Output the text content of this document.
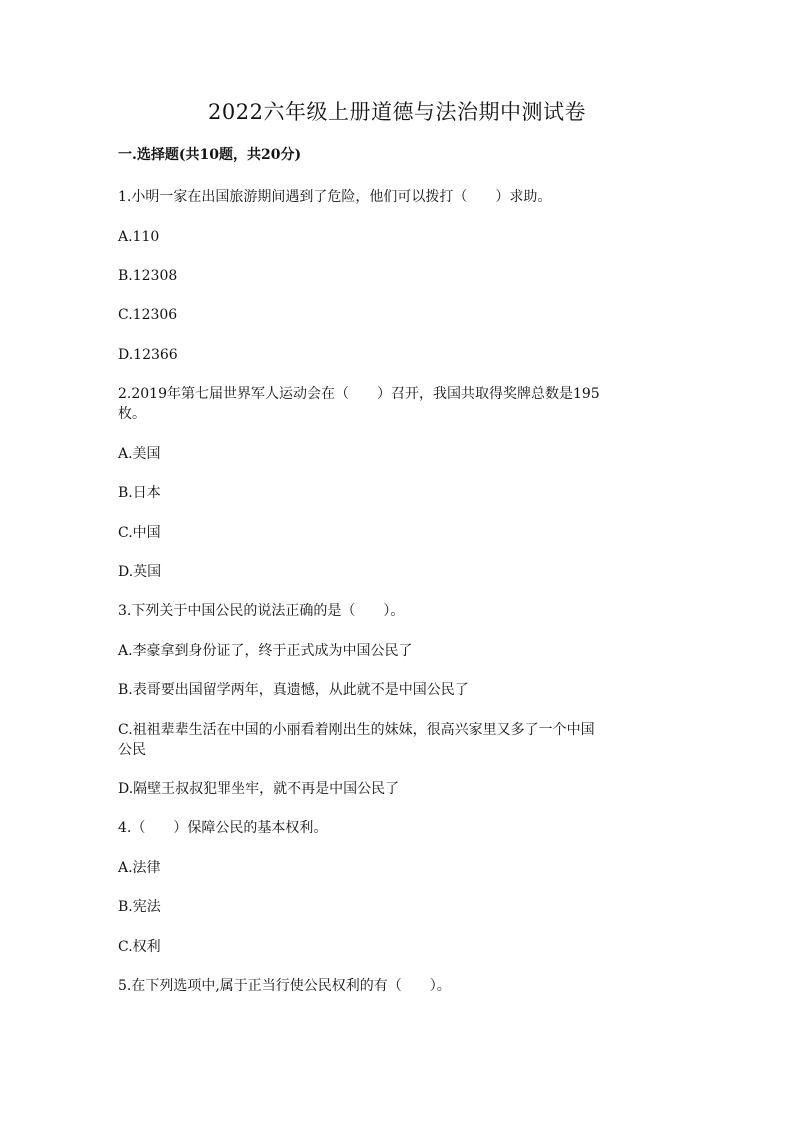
2022六年级上册道德与法治期中测试卷
一.选择题(共10题，共20分)
1.小明一家在出国旅游期间遇到了危险，他们可以拨打（　　）求助。
A.110
B.12308
C.12306
D.12366
2.2019年第七届世界军人运动会在（　　）召开，我国共取得奖牌总数是195
枚。
A.美国
B.日本
C.中国
D.英国
3.下列关于中国公民的说法正确的是（　　）。
A.李豪拿到身份证了，终于正式成为中国公民了
B.表哥要出国留学两年，真遗憾，从此就不是中国公民了
C.祖祖辈辈生活在中国的小丽看着刚出生的妹妹，很高兴家里又多了一个中国
公民
D.隔壁王叔叔犯罪坐牢，就不再是中国公民了
4.（　　）保障公民的基本权利。
A.法律
B.宪法
C.权利
5.在下列选项中,属于正当行使公民权利的有（　　）。
